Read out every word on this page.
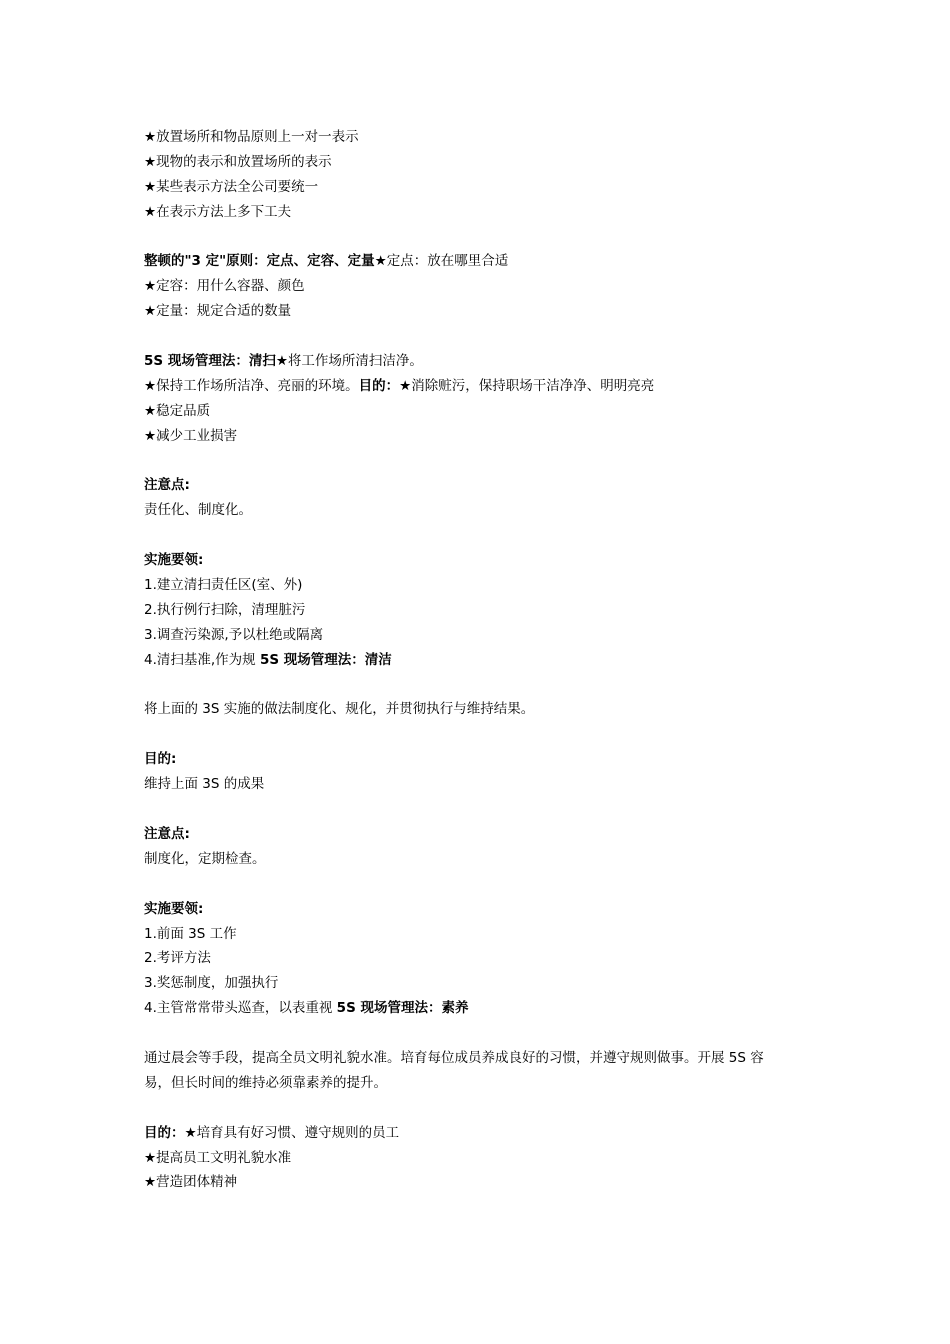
★放置场所和物品原则上一对一表示
★现物的表示和放置场所的表示
★某些表示方法全公司要统一
★在表示方法上多下工夫
整顿的"3 定"原则：定点、定容、定量★定点：放在哪里合适
★定容：用什么容器、颜色
★定量：规定合适的数量
5S 现场管理法：清扫★将工作场所清扫洁净。
★保持工作场所洁净、亮丽的环境。目的：★消除赃污，保持职场干洁净净、明明亮亮
★稳定品质
★减少工业损害
注意点:
责任化、制度化。
实施要领:
1.建立清扫责任区(室、外)
2.执行例行扫除，清理脏污
3.调查污染源,予以杜绝或隔离
4.清扫基准,作为规 5S 现场管理法：清洁
将上面的 3S 实施的做法制度化、规化，并贯彻执行与维持结果。
目的:
维持上面 3S 的成果
注意点:
制度化，定期检查。
实施要领:
1.前面 3S 工作
2.考评方法
3.奖惩制度，加强执行
4.主管常常带头巡查，以表重视 5S 现场管理法：素养
通过晨会等手段，提高全员文明礼貌水准。培育每位成员养成良好的习惯，并遵守规则做事。开展 5S 容
易，但长时间的维持必须靠素养的提升。
目的：★培育具有好习惯、遵守规则的员工
★提高员工文明礼貌水准
★营造团体精神
